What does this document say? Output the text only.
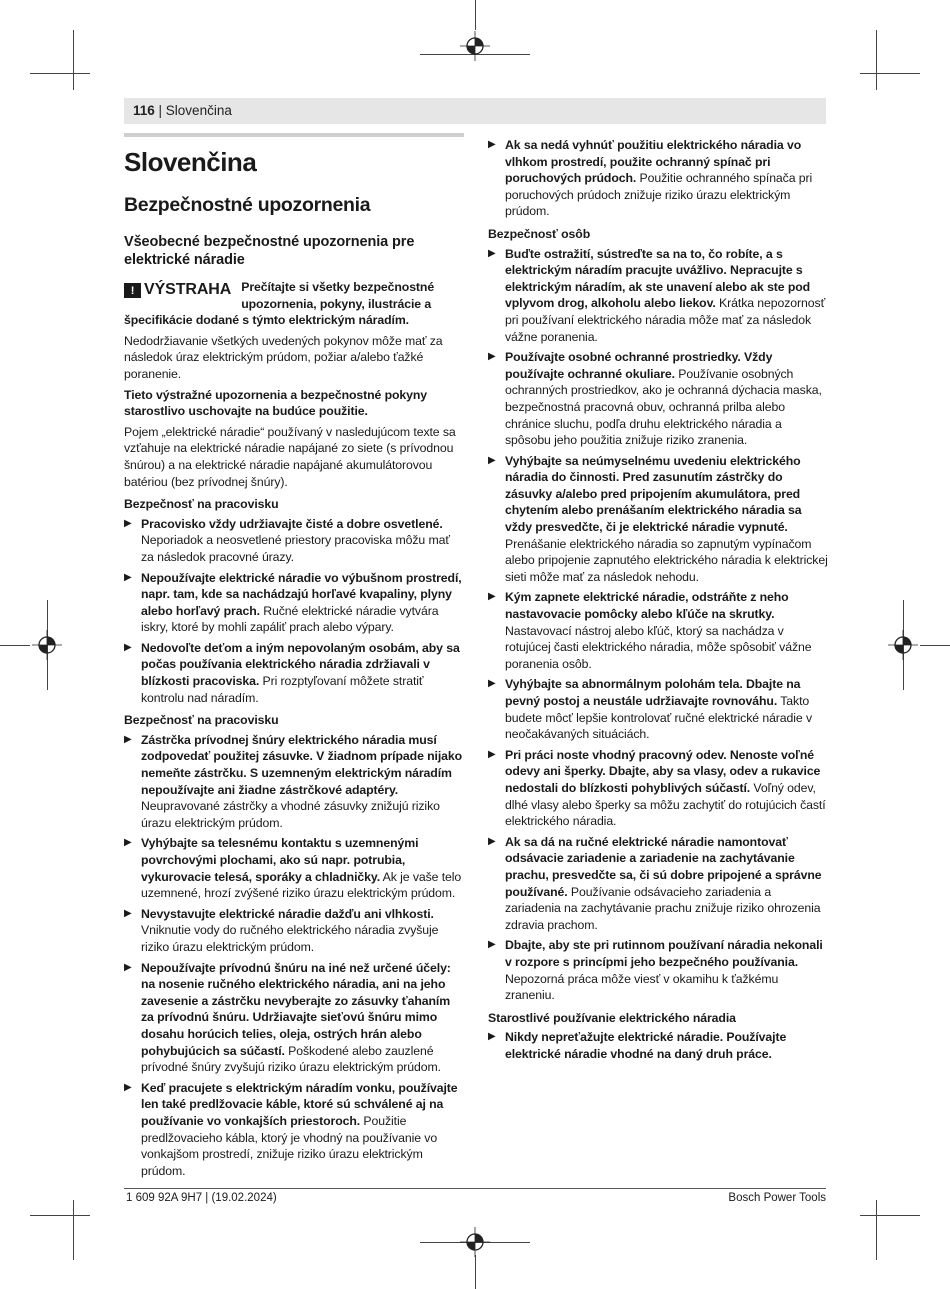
116 | Slovenčina
Slovenčina
Bezpečnostné upozornenia
Všeobecné bezpečnostné upozornenia pre elektrické náradie
! VÝSTRAHA Prečítajte si všetky bezpečnostné upozornenia, pokyny, ilustrácie a špecifikácie dodané s týmto elektrickým náradím.

Nedodržiavanie všetkých uvedených pokynov môže mať za následok úraz elektrickým prúdom, požiar a/alebo ťažké poranenie.

Tieto výstražné upozornenia a bezpečnostné pokyny starostlivo uschovajte na budúce použitie.

Pojem „elektrické náradie“ používaný v nasledujúcom texte sa vzťahuje na elektrické náradie napájané zo siete (s prívodnou šnúrou) a na elektrické náradie napájané akumulátorovou batériou (bez prívodnej šnúry).

Bezpečnosť na pracovisku

▶ Pracovisko vždy udržiavajte čisté a dobre osvetlené. Neporiadok a neosvetlené priestory pracoviska môžu mať za následok pracovné úrazy.

▶ Nepoužívajte elektrické náradie vo výbušnom prostredí, napr. tam, kde sa nachádzajú horľavé kvapaliny, plyny alebo horľavý prach. Ručné elektrické náradie vytvára iskry, ktoré by mohli zapáliť prach alebo výpary.

▶ Nedovoľte deťom a iným nepovolaným osobám, aby sa počas používania elektrického náradia zdržiavali v blízkosti pracoviska. Pri rozptyľovaní môžete stratiť kontrolu nad náradím.

Bezpečnosť na pracovisku

▶ Zástrčka prívodnej šnúry elektrického náradia musí zodpovedať použitej zásuvke. V žiadnom prípade nijako nemeňte zástrčku. S uzemneným elektrickým náradím nepoužívajte ani žiadne zástrčkové adaptéry. Neupravované zástrčky a vhodné zásuvky znižujú riziko úrazu elektrickým prúdom.

▶ Vyhýbajte sa telesnému kontaktu s uzemnenými povrchovými plochami, ako sú napr. potrubia, vykurovacie telesá, sporáky a chladničky. Ak je vaše telo uzemnené, hrozí zvýšené riziko úrazu elektrickým prúdom.

▶ Nevystavujte elektrické náradie dažďu ani vlhkosti. Vniknutie vody do ručného elektrického náradia zvyšuje riziko úrazu elektrickým prúdom.

▶ Nepoužívajte prívodnú šnúru na iné než určené účely: na nosenie ručného elektrického náradia, ani na jeho zavesenie a zástrčku nevyberajte zo zásuvky ťahaním za prívodnú šnúru. Udržiavajte sieťovú šnúru mimo dosahu horúcich telies, oleja, ostrých hrán alebo pohybujúcich sa súčastí. Poškodené alebo zauzlené prívodné šnúry zvyšujú riziko úrazu elektrickým prúdom.

▶ Keď pracujete s elektrickým náradím vonku, používajte len také predlžovacie káble, ktoré sú schválené aj na používanie vo vonkajších priestoroch. Použitie predlžovacieho kábla, ktorý je vhodný na používanie vo vonkajšom prostredí, znižuje riziko úrazu elektrickým prúdom.

▶ Ak sa nedá vyhnúť použitiu elektrického náradia vo vlhkom prostredí, použite ochranný spínač pri poruchových prúdoch. Použitie ochranného spínača pri poruchových prúdoch znižuje riziko úrazu elektrickým prúdom.

Bezpečnosť osôb

▶ Buďte ostražití, sústreďte sa na to, čo robíte, a s elektrickým náradím pracujte uvážlivo. Nepracujte s elektrickým náradím, ak ste unavení alebo ak ste pod vplyvom drog, alkoholu alebo liekov. Krátka nepozornosť pri používaní elektrického náradia môže mať za následok vážne poranenia.

▶ Používajte osobné ochranné prostriedky. Vždy používajte ochranné okuliare. Používanie osobných ochranných prostriedkov, ako je ochranná dýchacia maska, bezpečnostná pracovná obuv, ochranná prilba alebo chránice sluchu, podľa druhu elektrického náradia a spôsobu jeho použitia znižuje riziko zranenia.

▶ Vyhýbajte sa neúmyselnému uvedeniu elektrického náradia do činnosti. Pred zasunutím zástrčky do zásuvky a/alebo pred pripojením akumulátora, pred chytením alebo prenášaním elektrického náradia sa vždy presvedčte, či je elektrické náradie vypnuté. Prenášanie elektrického náradia so zapnutým vypínačom alebo pripojenie zapnutého elektrického náradia k elektrickej sieti môže mať za následok nehodu.

▶ Kým zapnete elektrické náradie, odstráňte z neho nastavovacie pomôcky alebo kľúče na skrutky. Nastavovací nástroj alebo kľúč, ktorý sa nachádza v rotujúcej časti elektrického náradia, môže spôsobiť vážne poranenia osôb.

▶ Vyhýbajte sa abnormálnym polohám tela. Dbajte na pevný postoj a neustále udržiavajte rovnováhu. Takto budete môcť lepšie kontrolovať ručné elektrické náradie v neočakávaných situáciách.

▶ Pri práci noste vhodný pracovný odev. Nenoste voľné odevy ani šperky. Dbajte, aby sa vlasy, odev a rukavice nedostali do blízkosti pohyblivých súčastí. Voľný odev, dlhé vlasy alebo šperky sa môžu zachytiť do rotujúcich častí elektrického náradia.

▶ Ak sa dá na ručné elektrické náradie namontovať odsávacie zariadenie a zariadenie na zachytávanie prachu, presvedčte sa, či sú dobre pripojené a správne používané. Používanie odsávacieho zariadenia a zariadenia na zachytávanie prachu znižuje riziko ohrozenia zdravia prachom.

▶ Dbajte, aby ste pri rutinnom používaní náradia nekonali v rozpore s princípmi jeho bezpečného používania. Nepozorná práca môže viesť v okamihu k ťažkému zraneniu.

Starostlivé používanie elektrického náradia

▶ Nikdy nepreťažujte elektrické náradie. Používajte elektrické náradie vhodné na daný druh práce.

1 609 92A 9H7 | (19.02.2024)	Bosch Power Tools
